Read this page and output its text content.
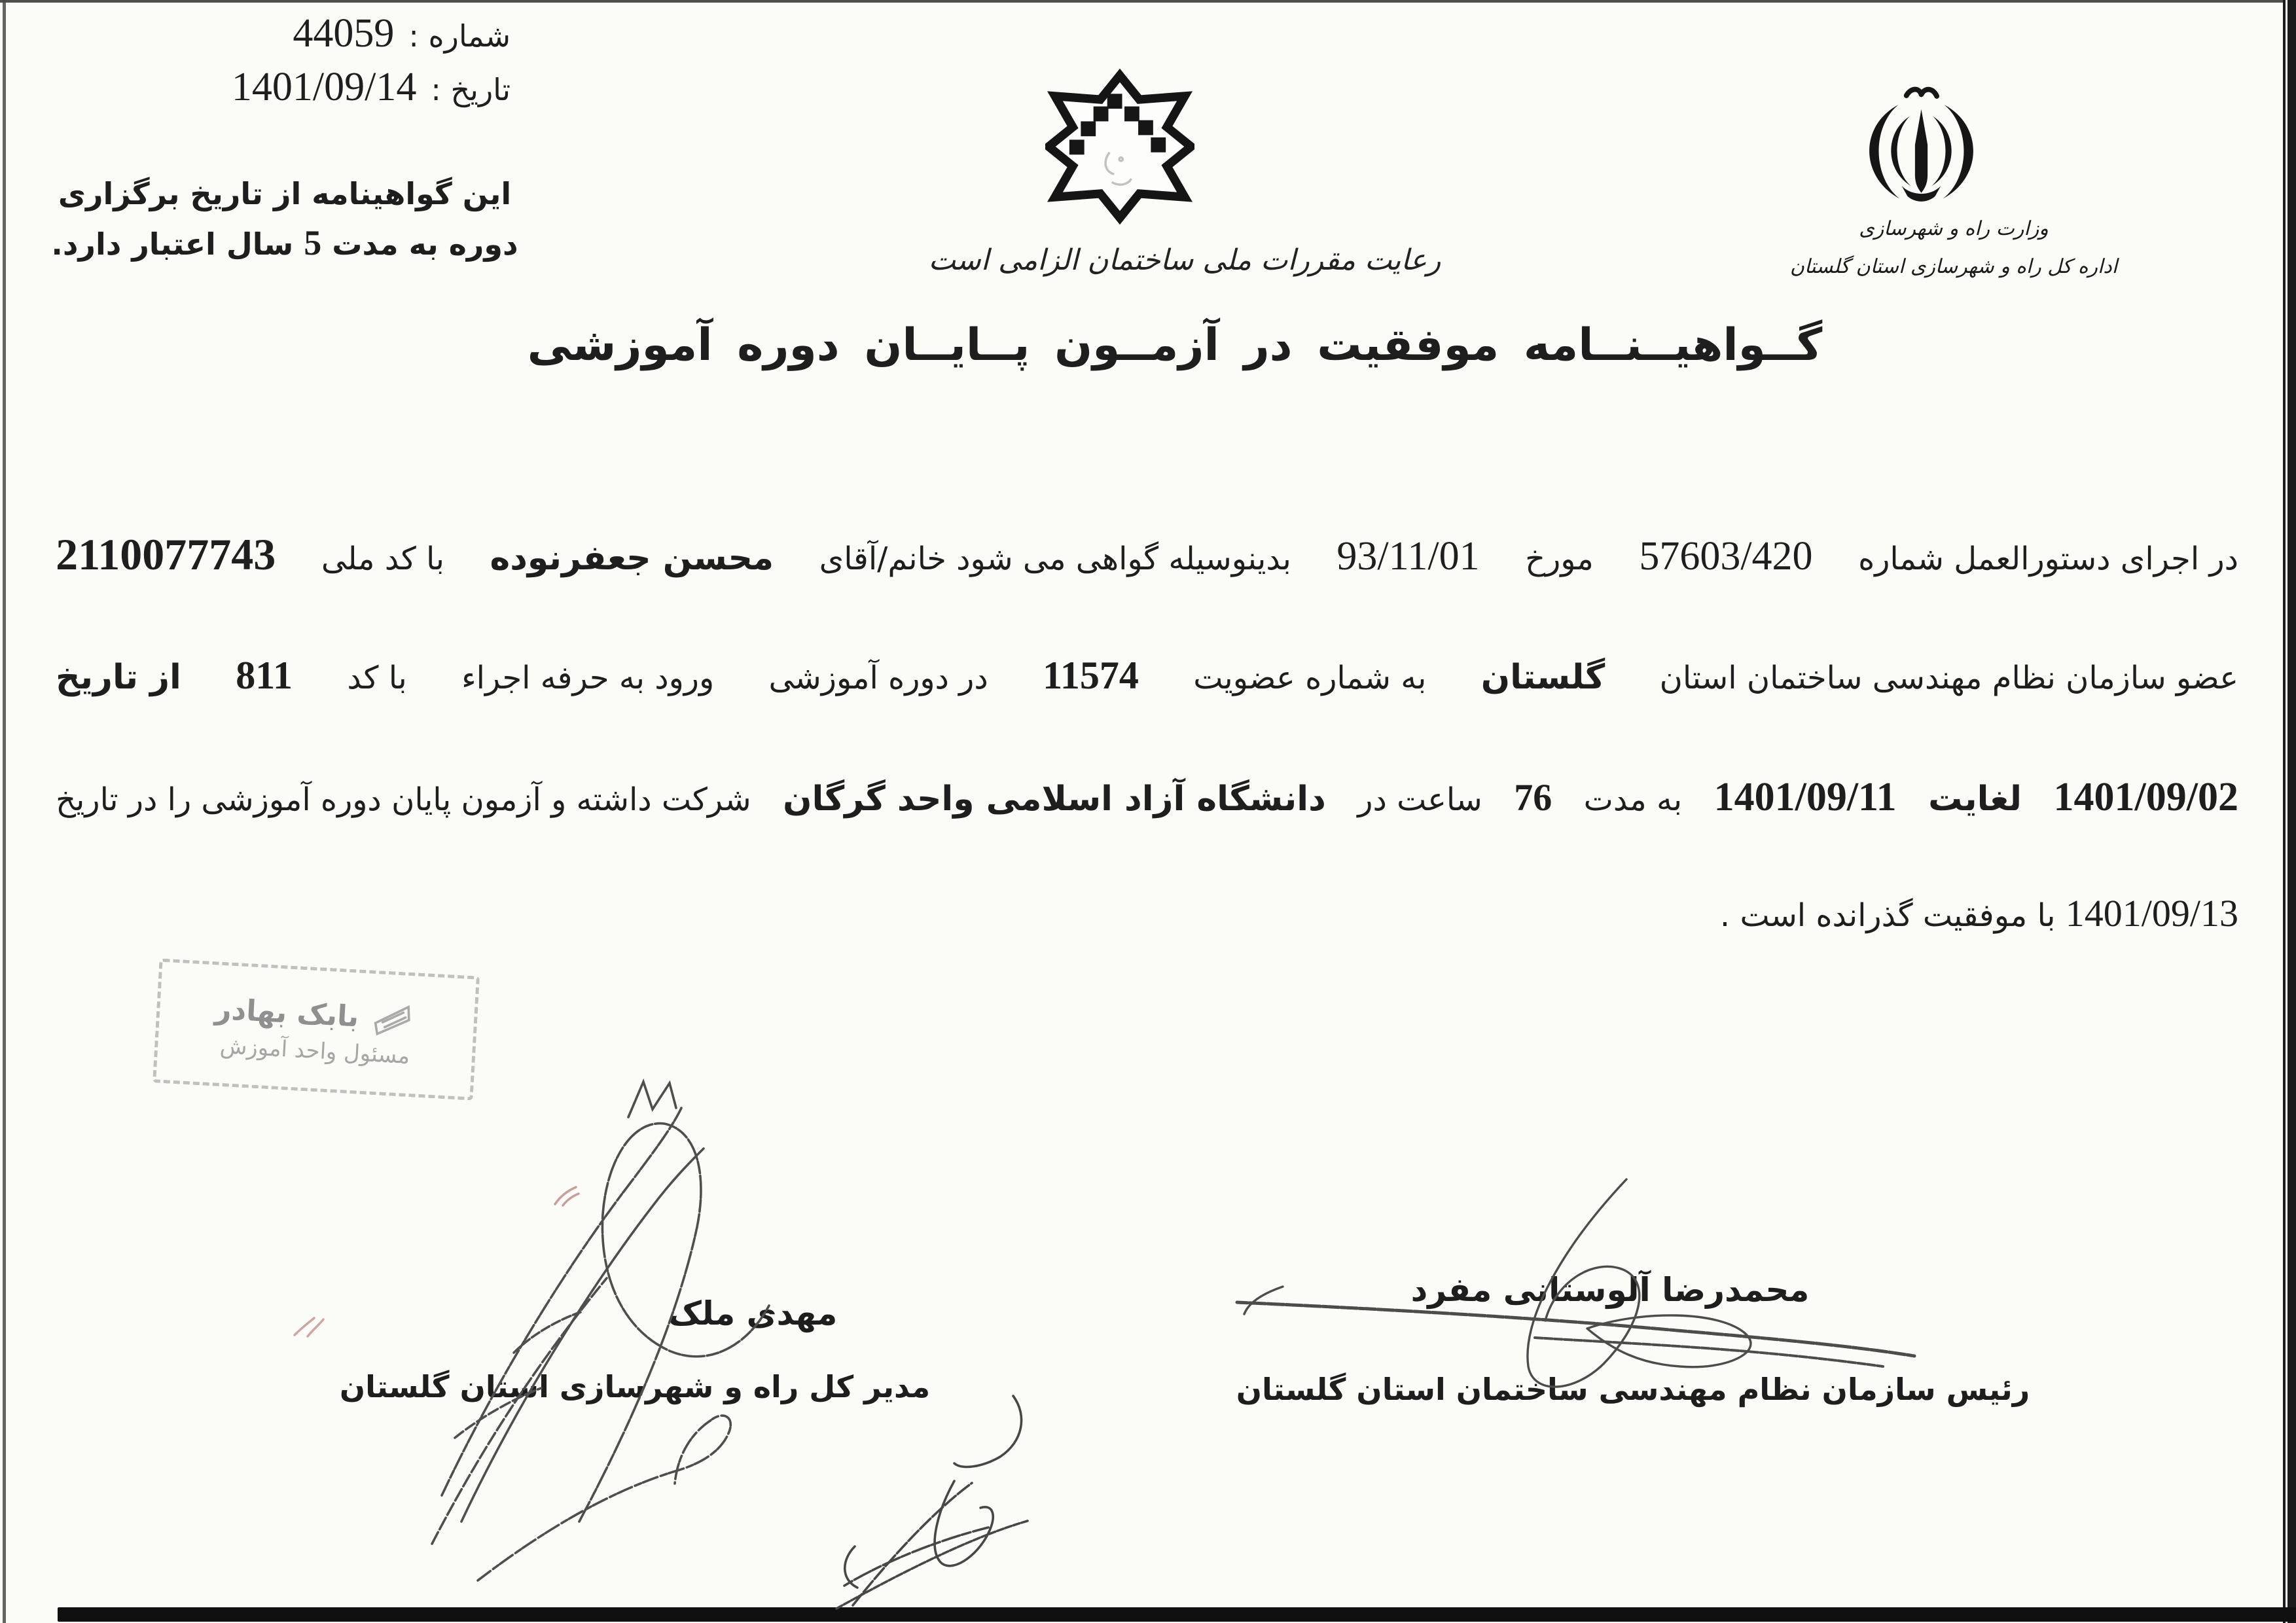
شماره :44059
تاریخ :1401/09/14
این گواهینامه از تاریخ برگزاری
دوره به مدت 5 سال اعتبار دارد.	رعایت مقررات ملی ساختمان الزامی است
وزارت راه و شهرسازی
اداره کل راه و شهرسازی استان گلستان
گــواهیــنــامه موفقیت در آزمــون پــایــان دوره آموزشی
در اجرای دستورالعمل شماره
57603/420
مورخ
93/11/01
بدینوسیله گواهی می شود خانم/آقای
محسن جعفرنوده
با کد ملی
2110077743
عضو سازمان نظام مهندسی ساختمان استان
گلستان
به شماره عضویت
11574
در دوره آموزشی
ورود به حرفه اجراء
با کد
811
از تاریخ
1401/09/02
لغایت
1401/09/11
به مدت
76
ساعت در
دانشگاه آزاد اسلامی واحد گرگان
شرکت داشته و آزمون پایان دوره آموزشی را در تاریخ
1401/09/13 با موفقیت گذرانده است .
بابک بهادر
مسئول واحد آموزش
مهدی ملک
مدیر کل راه و شهرسازی استان گلستان
محمدرضا آلوستانی مفرد
رئیس سازمان نظام مهندسی ساختمان استان گلستان
